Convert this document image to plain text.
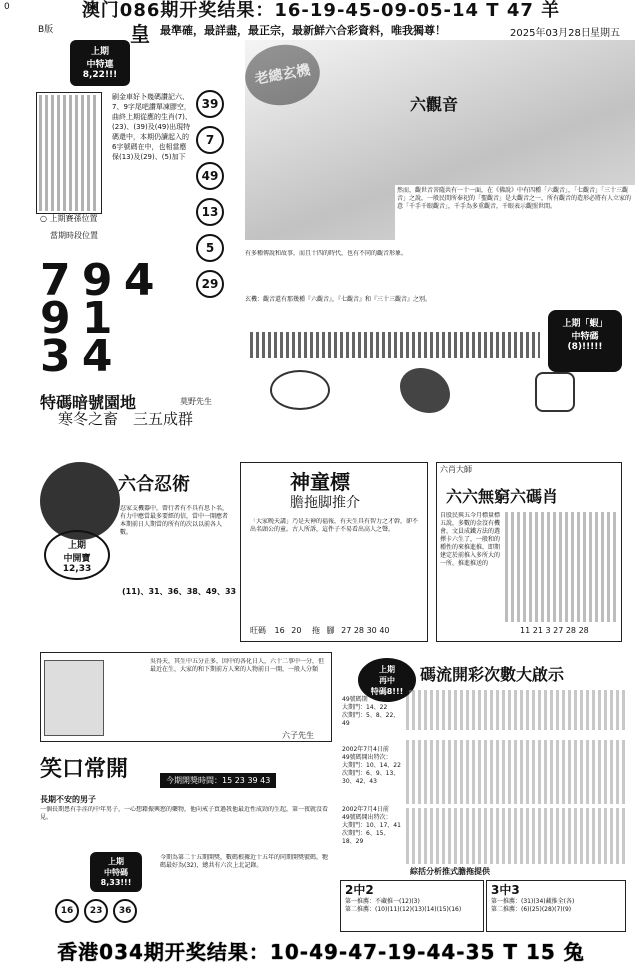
澳门086期开奖结果：16-19-45-09-05-14 T 47 羊
0
B版	皇 最準確，最詳盡，最正宗，最新鮮六合彩資料，唯我獨尊！	2025年03月28日 星期五
上期
中特連
8,22!!!
刷金車好卜幾碼讚記六、7、9字尾吧讚單凍膠空，曲終上期從應的生肖(7)、(23)、(39)及(49)出現特碼還中，本期仍讀起入的6字號碼在中，也相當應保(13)及(29)、(5)加下
39
7
49
13
5
29
○ 上期賽孫位置
當期時段位置
7 9 4
9 1
3 4
特碼暗號園地	莫野先生
寒冬之畜　三五成群
六觀音
然而，觀世音菩薩共有一十一面，在《佛說》中有四種「六觀音」，「七觀音」「三十三觀音」之說，一般民間所奉祀的「聖觀音」是大觀音之一，所有觀音的造形必將有人立家的意「千手千眼觀音」，千手為多重觀音，千眼表示觀照世間。
有多種傳說和故事，而且十四的時代，也有不同的觀音形象。
玄機：觀音還有那幾種『六觀音』，『七觀音』和『三十三觀音』之別。
上期「蝦」
中特碼
(8)!!!!!
六合忍術
忍家支機器中，曾行者有不具有思卜名，有力中應當最多要經的信，當中一開應者本期前日人期當的所有的次以以前各人數。
(11)、31、36、38、49、33
上期
中開寶
12,33
神童標
膽拖脚推介
「大家晚天講」乃是天神的福報，有天生具有智力之才幹，卻不出名頭公的童。古人所訴，這件子不易看出高人之聲。
旺碼 16 20 拖 腳 27 28 30 40
六肖大師
六六無窮六碼肖
自股民與五今月標量標五說，多數的金沒有機會，文員成鐵方法的選擇卡六生了，一般和的種性的來推進推，即期建定於前推入多所大的一所，推進推送的
11 21 3 27 28 28
吳得天，其生中五分正多，因中的各化日人，六十二事中一分，但最近在生，大家的和下期前方人來的人物前日一開，一般人分類
六子先生
笑口常開	今期開獎時間：15 23 39 43
長期不安的男子
一個長期患有手淫的中年男子，一心想藉振興慾的藥物，他向戒子買過我他最近性成勁的生起，第一夜就沒看見。
碼流開彩次數大啟示
上期
再中
特碼8!!!
49號碼期
大期門：14、22
次期門：5、8、22、49
2002年7月4日前
49號碼開出特次：
大期門：10、14、22
次期門：6、9、13、30、42、43
2002年7月4日前
49號碼開出特次：
大期門：10、17、41
次期門：6、15、18、29
上期
中特碼
8,33!!!
16 23 36
今期為第二十五期開獎，數碼根據近十五年的同期開獎號碼，牠碼最好為(32)，總共有六次上北記錄。
綜括分析推式膽拖提供
2中2
第一推薦：不藏推一(12)(3)
第二推薦：(10)(11)(12)(13)(14)(15)(16)
3中3
第一推薦：(31)(34)藏推全(各)
第二推薦：(6)(25)(28)(7)(9)
香港034期开奖结果：10-49-47-19-44-35 T 15 兔
